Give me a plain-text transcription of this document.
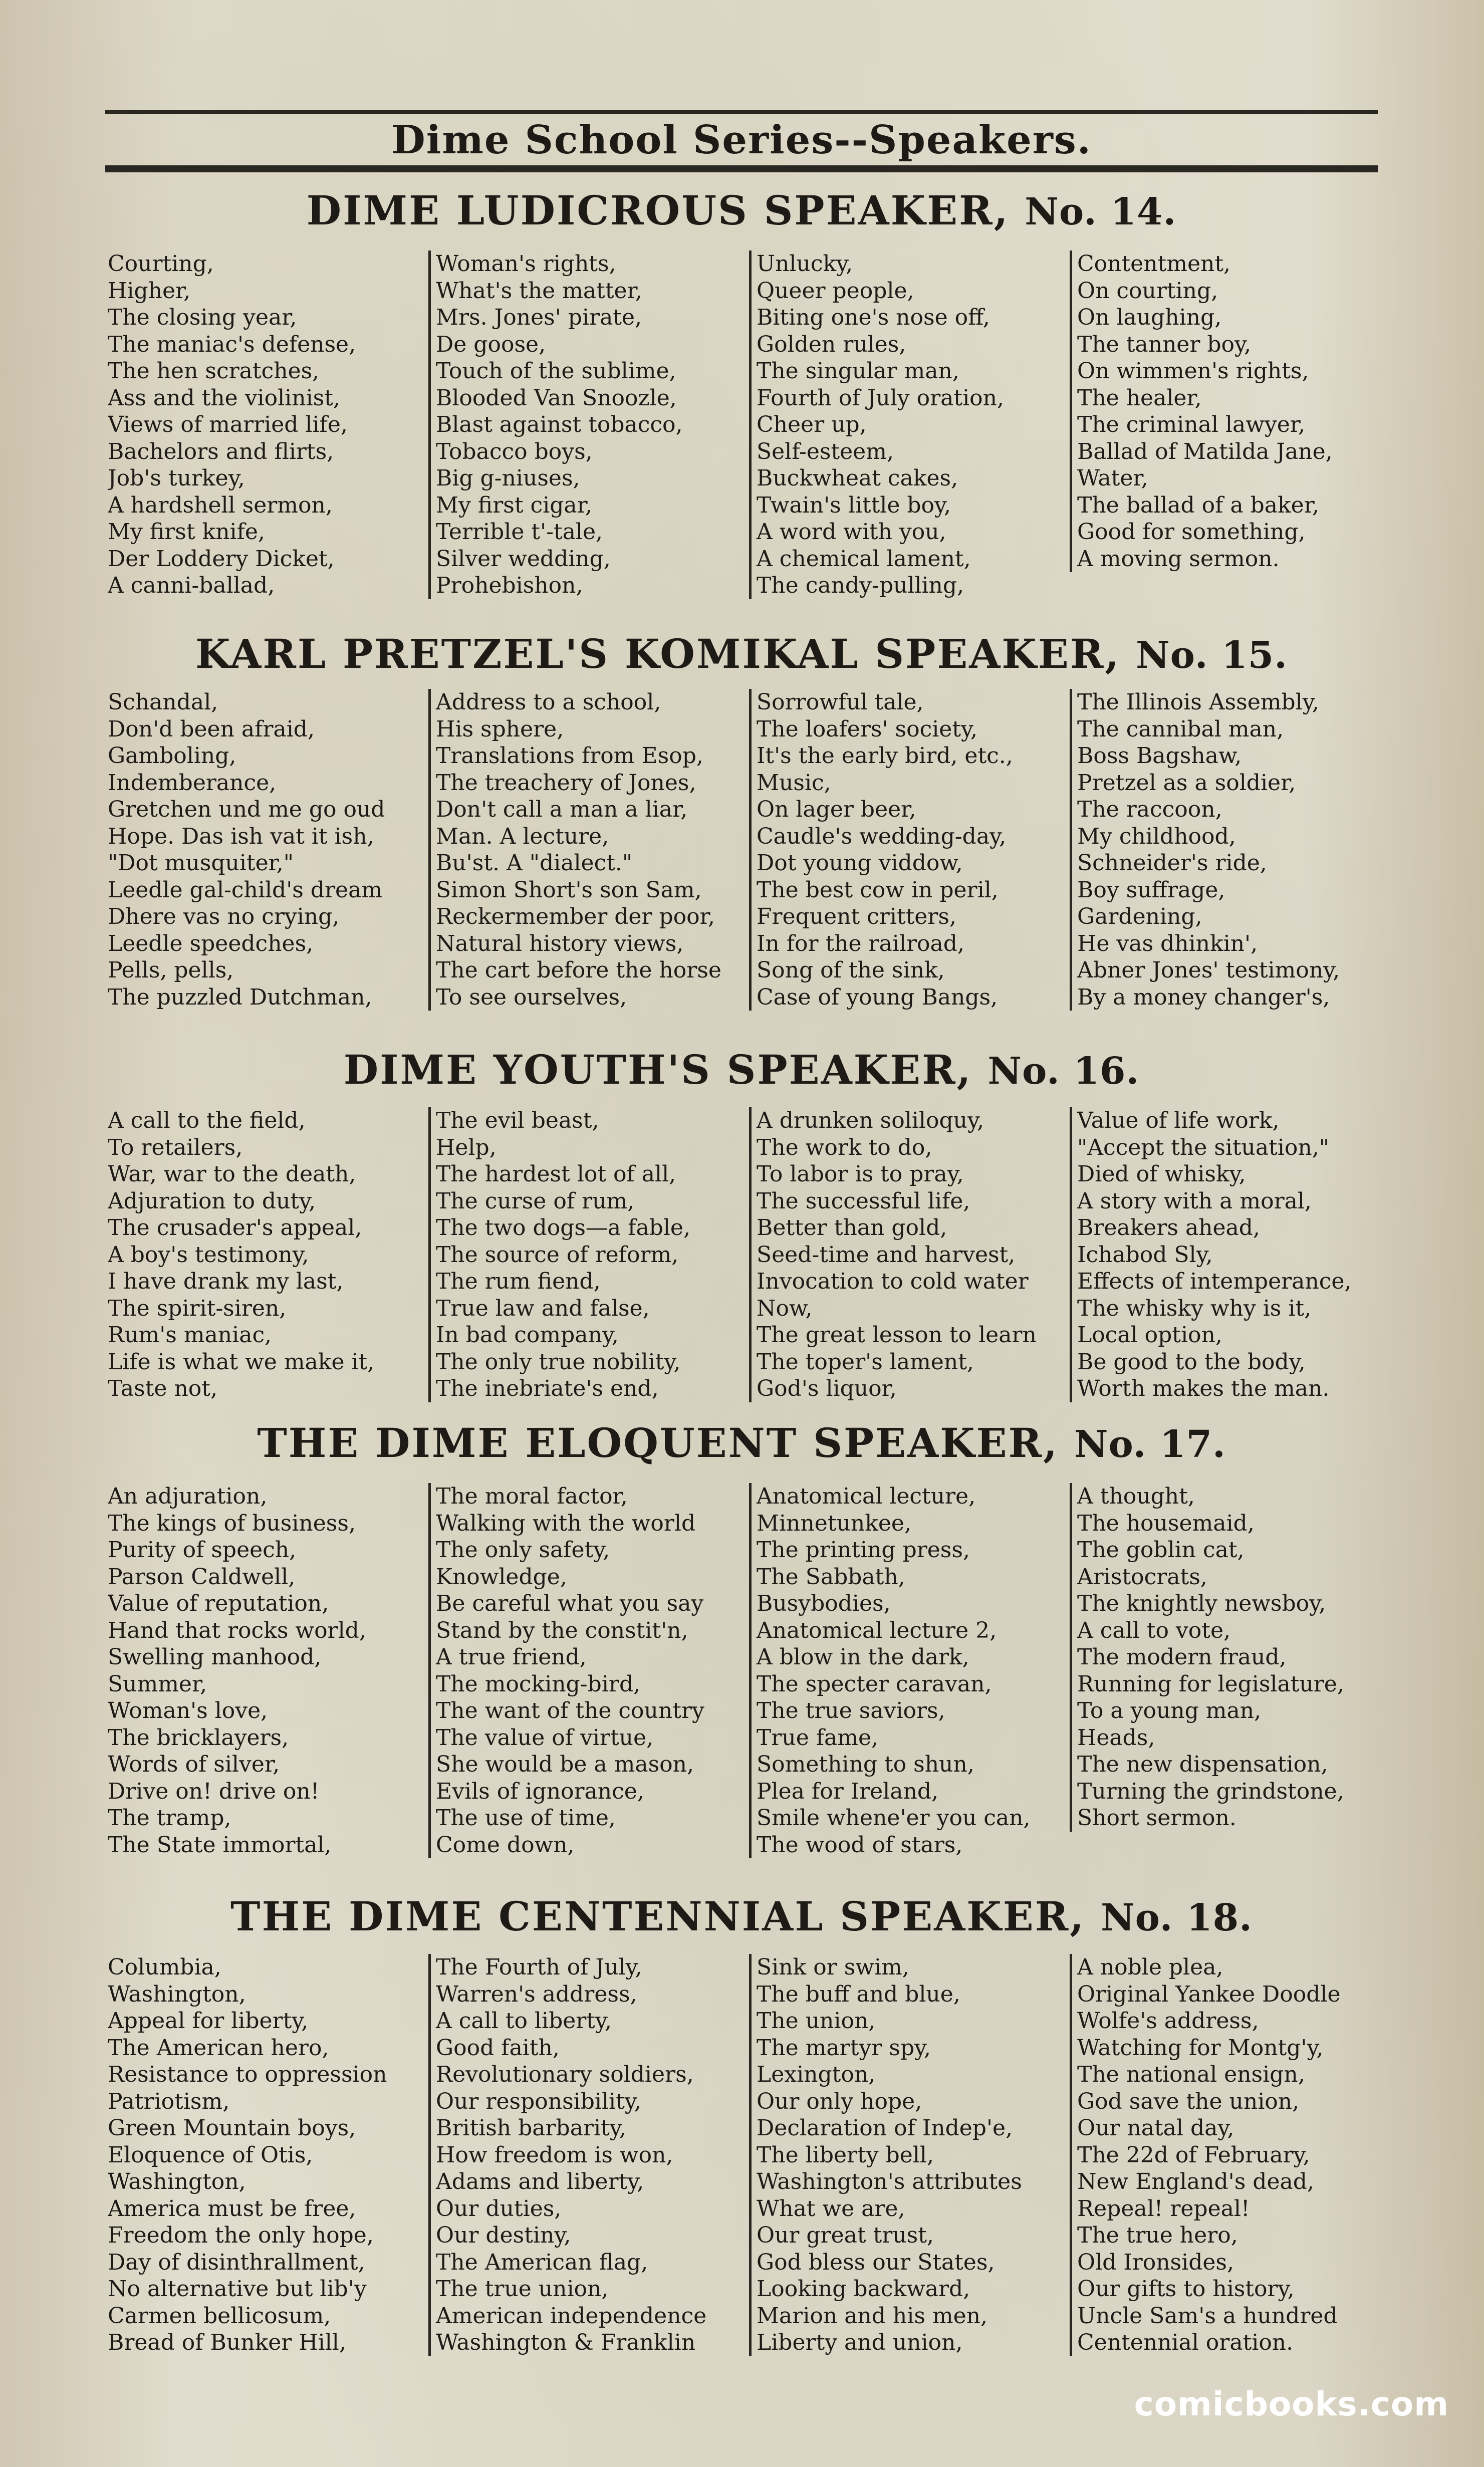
Dime School Series--Speakers.
DIME LUDICROUS SPEAKER, No. 14.
Courting,
Higher,
The closing year,
The maniac's defense,
The hen scratches,
Ass and the violinist,
Views of married life,
Bachelors and flirts,
Job's turkey,
A hardshell sermon,
My first knife,
Der Loddery Dicket,
A canni-ballad,
Woman's rights,
What's the matter,
Mrs. Jones' pirate,
De goose,
Touch of the sublime,
Blooded Van Snoozle,
Blast against tobacco,
Tobacco boys,
Big g-niuses,
My first cigar,
Terrible t'-tale,
Silver wedding,
Prohebishon,
Unlucky,
Queer people,
Biting one's nose off,
Golden rules,
The singular man,
Fourth of July oration,
Cheer up,
Self-esteem,
Buckwheat cakes,
Twain's little boy,
A word with you,
A chemical lament,
The candy-pulling,
Contentment,
On courting,
On laughing,
The tanner boy,
On wimmen's rights,
The healer,
The criminal lawyer,
Ballad of Matilda Jane,
Water,
The ballad of a baker,
Good for something,
A moving sermon.
KARL PRETZEL'S KOMIKAL SPEAKER, No. 15.
Schandal,
Don'd been afraid,
Gamboling,
Indemberance,
Gretchen und me go oud
Hope. Das ish vat it ish,
"Dot musquiter,"
Leedle gal-child's dream
Dhere vas no crying,
Leedle speedches,
Pells, pells,
The puzzled Dutchman,
Address to a school,
His sphere,
Translations from Esop,
The treachery of Jones,
Don't call a man a liar,
Man. A lecture,
Bu'st. A "dialect."
Simon Short's son Sam,
Reckermember der poor,
Natural history views,
The cart before the horse
To see ourselves,
Sorrowful tale,
The loafers' society,
It's the early bird, etc.,
Music,
On lager beer,
Caudle's wedding-day,
Dot young viddow,
The best cow in peril,
Frequent critters,
In for the railroad,
Song of the sink,
Case of young Bangs,
The Illinois Assembly,
The cannibal man,
Boss Bagshaw,
Pretzel as a soldier,
The raccoon,
My childhood,
Schneider's ride,
Boy suffrage,
Gardening,
He vas dhinkin',
Abner Jones' testimony,
By a money changer's,
DIME YOUTH'S SPEAKER, No. 16.
A call to the field,
To retailers,
War, war to the death,
Adjuration to duty,
The crusader's appeal,
A boy's testimony,
I have drank my last,
The spirit-siren,
Rum's maniac,
Life is what we make it,
Taste not,
The evil beast,
Help,
The hardest lot of all,
The curse of rum,
The two dogs—a fable,
The source of reform,
The rum fiend,
True law and false,
In bad company,
The only true nobility,
The inebriate's end,
A drunken soliloquy,
The work to do,
To labor is to pray,
The successful life,
Better than gold,
Seed-time and harvest,
Invocation to cold water
Now,
The great lesson to learn
The toper's lament,
God's liquor,
Value of life work,
"Accept the situation,"
Died of whisky,
A story with a moral,
Breakers ahead,
Ichabod Sly,
Effects of intemperance,
The whisky why is it,
Local option,
Be good to the body,
Worth makes the man.
THE DIME ELOQUENT SPEAKER, No. 17.
An adjuration,
The kings of business,
Purity of speech,
Parson Caldwell,
Value of reputation,
Hand that rocks world,
Swelling manhood,
Summer,
Woman's love,
The bricklayers,
Words of silver,
Drive on! drive on!
The tramp,
The State immortal,
The moral factor,
Walking with the world
The only safety,
Knowledge,
Be careful what you say
Stand by the constit'n,
A true friend,
The mocking-bird,
The want of the country
The value of virtue,
She would be a mason,
Evils of ignorance,
The use of time,
Come down,
Anatomical lecture,
Minnetunkee,
The printing press,
The Sabbath,
Busybodies,
Anatomical lecture 2,
A blow in the dark,
The specter caravan,
The true saviors,
True fame,
Something to shun,
Plea for Ireland,
Smile whene'er you can,
The wood of stars,
A thought,
The housemaid,
The goblin cat,
Aristocrats,
The knightly newsboy,
A call to vote,
The modern fraud,
Running for legislature,
To a young man,
Heads,
The new dispensation,
Turning the grindstone,
Short sermon.
THE DIME CENTENNIAL SPEAKER, No. 18.
Columbia,
Washington,
Appeal for liberty,
The American hero,
Resistance to oppression
Patriotism,
Green Mountain boys,
Eloquence of Otis,
Washington,
America must be free,
Freedom the only hope,
Day of disinthrallment,
No alternative but lib'y
Carmen bellicosum,
Bread of Bunker Hill,
The Fourth of July,
Warren's address,
A call to liberty,
Good faith,
Revolutionary soldiers,
Our responsibility,
British barbarity,
How freedom is won,
Adams and liberty,
Our duties,
Our destiny,
The American flag,
The true union,
American independence
Washington & Franklin
Sink or swim,
The buff and blue,
The union,
The martyr spy,
Lexington,
Our only hope,
Declaration of Indep'e,
The liberty bell,
Washington's attributes
What we are,
Our great trust,
God bless our States,
Looking backward,
Marion and his men,
Liberty and union,
A noble plea,
Original Yankee Doodle
Wolfe's address,
Watching for Montg'y,
The national ensign,
God save the union,
Our natal day,
The 22d of February,
New England's dead,
Repeal! repeal!
The true hero,
Old Ironsides,
Our gifts to history,
Uncle Sam's a hundred
Centennial oration.
comicbooks.com
